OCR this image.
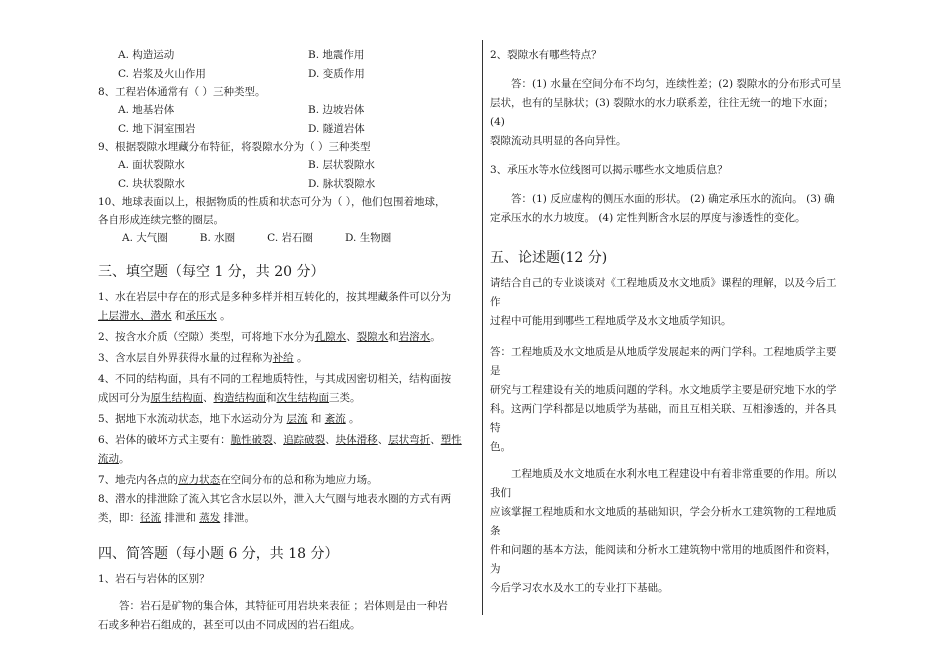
A. 构造运动	B. 地震作用
C. 岩浆及火山作用	D. 变质作用
8、工程岩体通常有（ ）三种类型。
A. 地基岩体	B. 边坡岩体
C. 地下洞室围岩	D. 隧道岩体
9、根据裂隙水埋藏分布特征，将裂隙水分为（ ）三种类型
A. 面状裂隙水	B. 层状裂隙水
C. 块状裂隙水	D. 脉状裂隙水
10、地球表面以上，根据物质的性质和状态可分为（ ），他们包围着地球，
各自形成连续完整的圈层。
A. 大气圈	B. 水圈	C. 岩石圈	D. 生物圈
三、填空题（每空 1 分，共 20 分）
1、水在岩层中存在的形式是多种多样并相互转化的，按其埋藏条件可以分为
上层滞水、潜水 和承压水 。
2、按含水介质（空隙）类型，可将地下水分为孔隙水、裂隙水和岩溶水。
3、含水层自外界获得水量的过程称为补给 。
4、不同的结构面，具有不同的工程地质特性，与其成因密切相关，结构面按
成因可分为原生结构面、构造结构面和次生结构面三类。
5、据地下水流动状态，地下水运动分为 层流 和 紊流 。
6、岩体的破坏方式主要有：脆性破裂、追踪破裂、块体滑移、层状弯折、塑性
流动。
7、地壳内各点的应力状态在空间分布的总和称为地应力场。
8、潜水的排泄除了流入其它含水层以外，泄入大气圈与地表水圈的方式有两
类，即：径流 排泄和 蒸发 排泄。
四、简答题（每小题 6 分，共 18 分）
1、岩石与岩体的区别？
答：岩石是矿物的集合体，其特征可用岩块来表征 ；岩体则是由一种岩
石或多种岩石组成的，甚至可以由不同成因的岩石组成。
2、裂隙水有哪些特点？
答：(1) 水量在空间分布不均匀，连续性差；(2) 裂隙水的分布形式可呈
层状，也有的呈脉状；(3) 裂隙水的水力联系差，往往无统一的地下水面；(4)
裂隙流动具明显的各向异性。
3、承压水等水位线图可以揭示哪些水文地质信息？
答：(1) 反应虚构的侧压水面的形状。 (2) 确定承压水的流向。 (3) 确
定承压水的水力坡度。 (4) 定性判断含水层的厚度与渗透性的变化。
五、论述题(12 分)
请结合自己的专业谈谈对《工程地质及水文地质》课程的理解，以及今后工作
过程中可能用到哪些工程地质学及水文地质学知识。
答：工程地质及水文地质是从地质学发展起来的两门学科。工程地质学主要是
研究与工程建设有关的地质问题的学科。水文地质学主要是研究地下水的学
科。这两门学科都是以地质学为基础，而且互相关联、互相渗透的，并各具特
色。
工程地质及水文地质在水利水电工程建设中有着非常重要的作用。所以我们
应该掌握工程地质和水文地质的基础知识，学会分析水工建筑物的工程地质条
件和问题的基本方法，能阅读和分析水工建筑物中常用的地质图件和资料，为
今后学习农水及水工的专业打下基础。
